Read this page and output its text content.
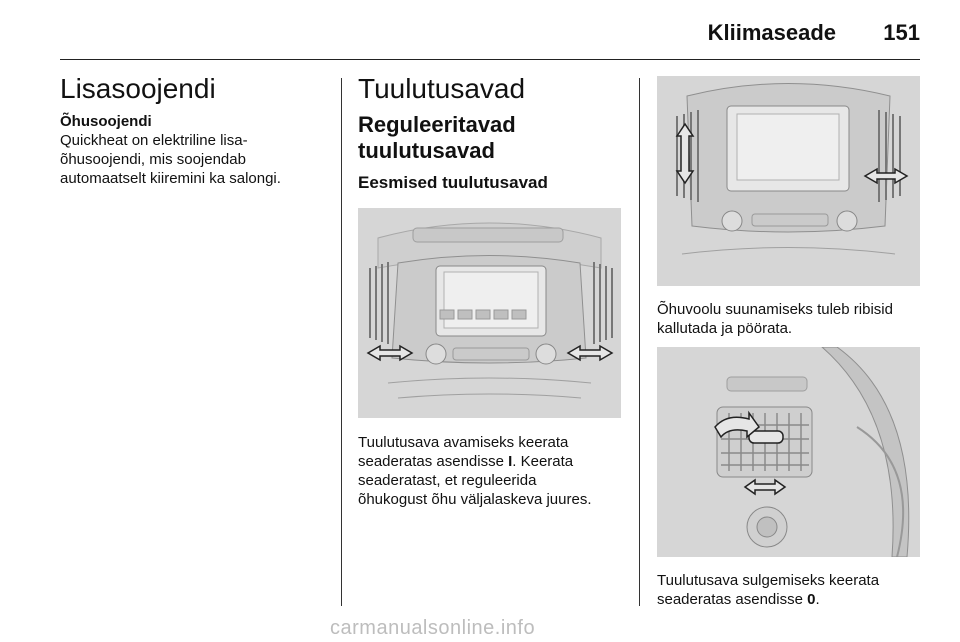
Kliimaseade 151
Lisasoojendi
Õhusoojendi

Quickheat on elektriline lisa-

õhusoojendi, mis soojendab

automaatselt kiiremini ka salongi.

Tuulutusavad
Reguleeritavad
tuulutusavad
Eesmised tuulutusavad

Tuulutusava avamiseks keerata

seaderatas asendisse I. Keerata

seaderatast, et reguleerida

õhukogust õhu väljalaskeva juures.

Õhuvoolu suunamiseks tuleb ribisid

kallutada ja pöörata.

Tuulutusava sulgemiseks keerata

seaderatas asendisse 0.

carmanualsonline.info
